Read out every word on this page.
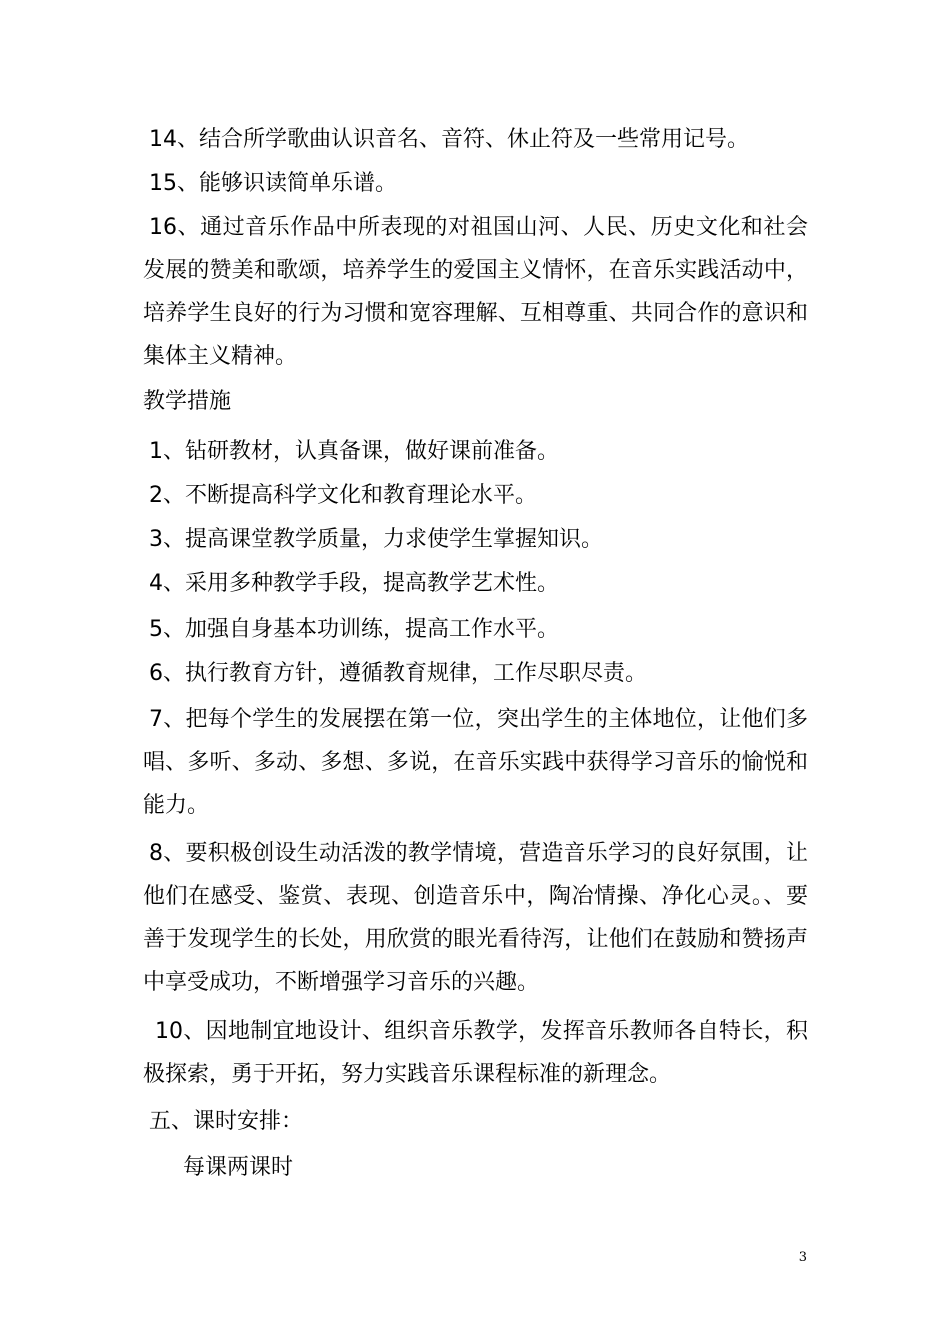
14、结合所学歌曲认识音名、音符、休止符及一些常用记号。

15、能够识读简单乐谱。

16、通过音乐作品中所表现的对祖国山河、人民、历史文化和社会发展的赞美和歌颂，培养学生的爱国主义情怀，在音乐实践活动中，培养学生良好的行为习惯和宽容理解、互相尊重、共同合作的意识和集体主义精神。

教学措施

1、钻研教材，认真备课，做好课前准备。

2、不断提高科学文化和教育理论水平。

3、提高课堂教学质量，力求使学生掌握知识。

4、采用多种教学手段，提高教学艺术性。

5、加强自身基本功训练，提高工作水平。

6、执行教育方针，遵循教育规律，工作尽职尽责。

7、把每个学生的发展摆在第一位，突出学生的主体地位，让他们多唱、多听、多动、多想、多说，在音乐实践中获得学习音乐的愉悦和能力。

8、要积极创设生动活泼的教学情境，营造音乐学习的良好氛围，让他们在感受、鉴赏、表现、创造音乐中，陶冶情操、净化心灵。、要善于发现学生的长处，用欣赏的眼光看待泻，让他们在鼓励和赞扬声中享受成功，不断增强学习音乐的兴趣。

10、因地制宜地设计、组织音乐教学，发挥音乐教师各自特长，积极探索，勇于开拓，努力实践音乐课程标准的新理念。

五、课时安排：

每课两课时

3
